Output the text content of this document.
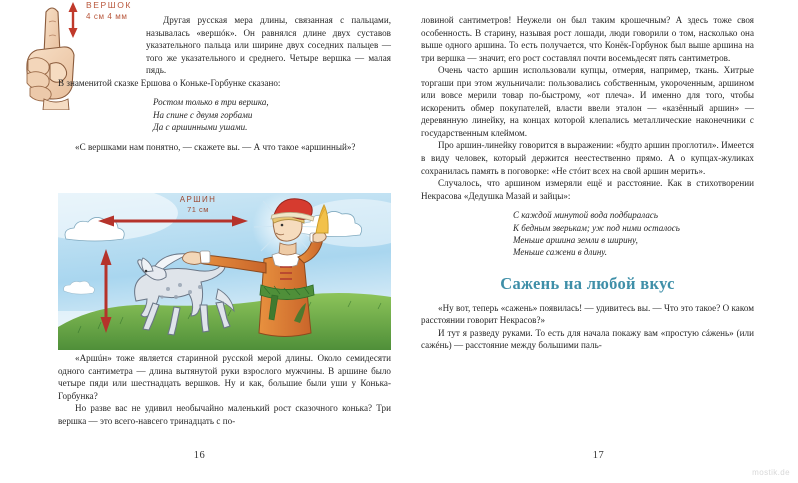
ВЕРШОК
4 см 4 мм	Другая русская мера длины, связанная с пальцами, называлась «вершóк». Он равнялся длине двух суставов указательного пальца или ширине двух соседних пальцев — того же указательного и среднего. Четыре вершка — малая пядь.

В знаменитой сказке Ершова о Коньке-Горбунке сказано:

Ростом только в три вершка,
На спине с двумя горбами
Да с аршинными ушами.

«С вершками нам понятно, — скажете вы. — А что такое «аршинный»?

АРШИН
71 см

«Аршúн» тоже является старинной русской мерой длины. Около семидесяти одного сантиметра — длина вытянутой руки взрослого мужчины. В аршине было четыре пяди или шестнадцать вершков. Ну и как, большие были уши у Конька-Горбунка?

Но разве вас не удивил необычайно маленький рост сказочного конька? Три вершка — это всего-навсего тринадцать с по-

16

ловиной сантиметров! Неужели он был таким крошечным? А здесь тоже своя особенность. В старину, называя рост лошади, люди говорили о том, насколько она выше одного аршина. То есть получается, что Конёк-Горбунок был выше аршина на три вершка — значит, его рост составлял почти восемьдесят пять сантиметров.

Очень часто аршин использовали купцы, отмеряя, например, ткань. Хитрые торгаши при этом жульничали: пользовались собственным, укороченным, аршином или вовсе мерили товар по-быстрому, «от плеча». И именно для того, чтобы искоренить обмер покупателей, власти ввели эталон — «казённый аршин» — деревянную линейку, на концах которой клепались металлические наконечники с государственным клеймом.

Про аршин-линейку говорится в выражении: «будто аршин проглотил». Имеется в виду человек, который держится неестественно прямо. А о купцах-жуликах сохранилась память в поговорке: «Не стóит всех на свой аршин мерить».

Случалось, что аршином измеряли ещё и расстояние. Как в стихотворении Некрасова «Дедушка Мазай и зайцы»:

С каждой минутой вода подбиралась
К бедным зверькам; уж под ними осталось
Меньше аршина земли в ширину,
Меньше сажени в длину.
Сажень на любой вкус

«Ну вот, теперь «сажень» появилась! — удивитесь вы. — Что это такое? О каком расстоянии говорит Некрасов?»

И тут я разведу руками. То есть для начала покажу вам «простую сáжень» (или сажéнь) — расстояние между большими паль-

17
mostik.de
